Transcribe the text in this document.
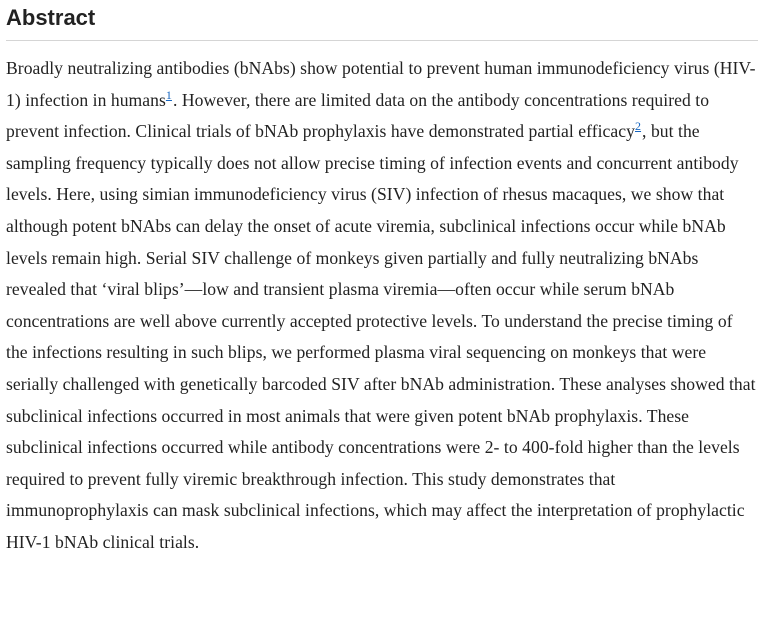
Abstract

Broadly neutralizing antibodies (bNAbs) show potential to prevent human immunodeficiency virus (HIV-1) infection in humans$^1$. However, there are limited data on the antibody concentrations required to prevent infection. Clinical trials of bNAb prophylaxis have demonstrated partial efficacy$^2$, but the sampling frequency typically does not allow precise timing of infection events and concurrent antibody levels. Here, using simian immunodeficiency virus (SIV) infection of rhesus macaques, we show that although potent bNAbs can delay the onset of acute viremia, subclinical infections occur while bNAb levels remain high. Serial SIV challenge of monkeys given partially and fully neutralizing bNAbs revealed that ‘viral blips’—low and transient plasma viremia—often occur while serum bNAb concentrations are well above currently accepted protective levels. To understand the precise timing of the infections resulting in such blips, we performed plasma viral sequencing on monkeys that were serially challenged with genetically barcoded SIV after bNAb administration. These analyses showed that subclinical infections occurred in most animals that were given potent bNAb prophylaxis. These subclinical infections occurred while antibody concentrations were 2- to 400-fold higher than the levels required to prevent fully viremic breakthrough infection. This study demonstrates that immunoprophylaxis can mask subclinical infections, which may affect the interpretation of prophylactic HIV-1 bNAb clinical trials.
